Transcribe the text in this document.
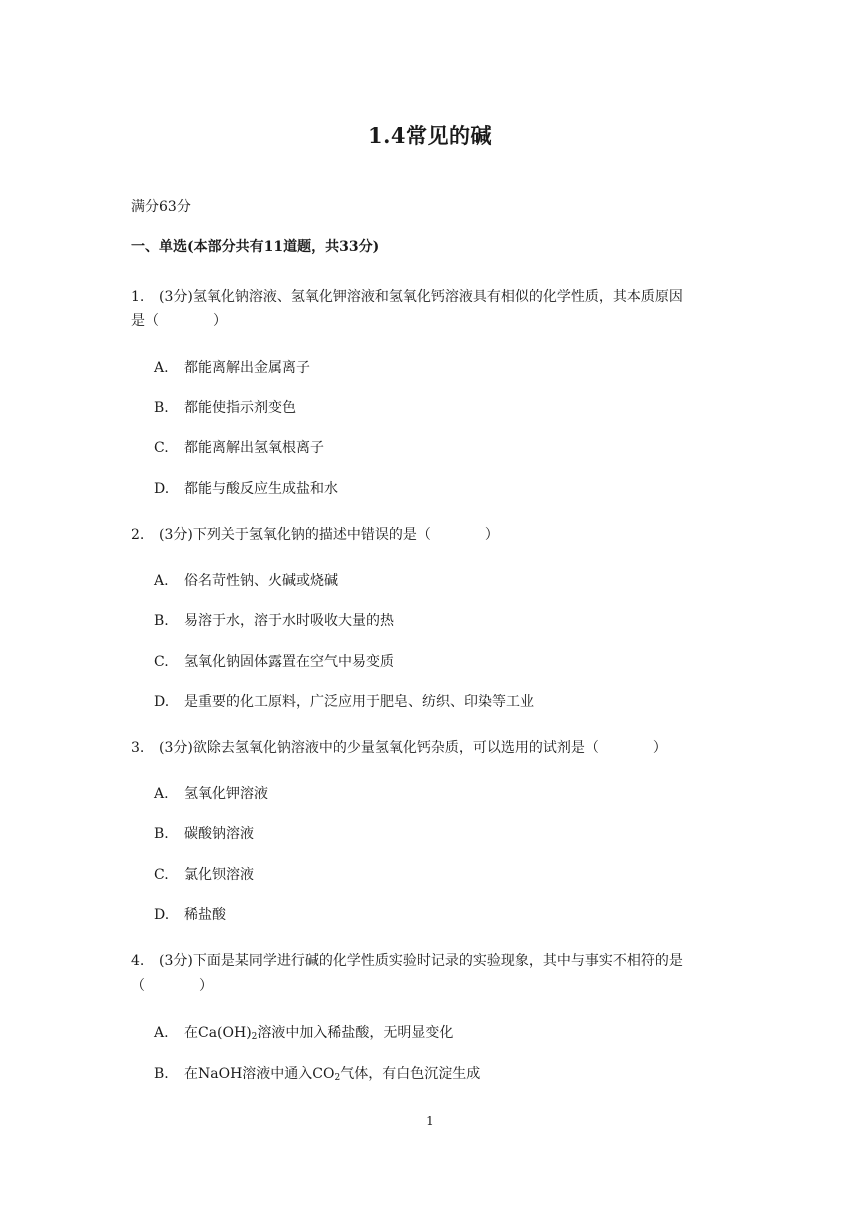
1.4常见的碱
满分63分
一、单选(本部分共有11道题，共33分)
1. (3分)氢氧化钠溶液、氢氧化钾溶液和氢氧化钙溶液具有相似的化学性质，其本质原因
是（	）
A. 都能离解出金属离子
B. 都能使指示剂变色
C. 都能离解出氢氧根离子
D. 都能与酸反应生成盐和水
2. (3分)下列关于氢氧化钠的描述中错误的是（	）
A. 俗名苛性钠、火碱或烧碱
B. 易溶于水，溶于水时吸收大量的热
C. 氢氧化钠固体露置在空气中易变质
D. 是重要的化工原料，广泛应用于肥皂、纺织、印染等工业
3. (3分)欲除去氢氧化钠溶液中的少量氢氧化钙杂质，可以选用的试剂是（	）
A. 氢氧化钾溶液
B. 碳酸钠溶液
C. 氯化钡溶液
D. 稀盐酸
4. (3分)下面是某同学进行碱的化学性质实验时记录的实验现象，其中与事实不相符的是
（	）
A. 在$Ca(OH)_2$溶液中加入稀盐酸，无明显变化
B. 在NaOH溶液中通入$CO_2$气体，有白色沉淀生成
1
